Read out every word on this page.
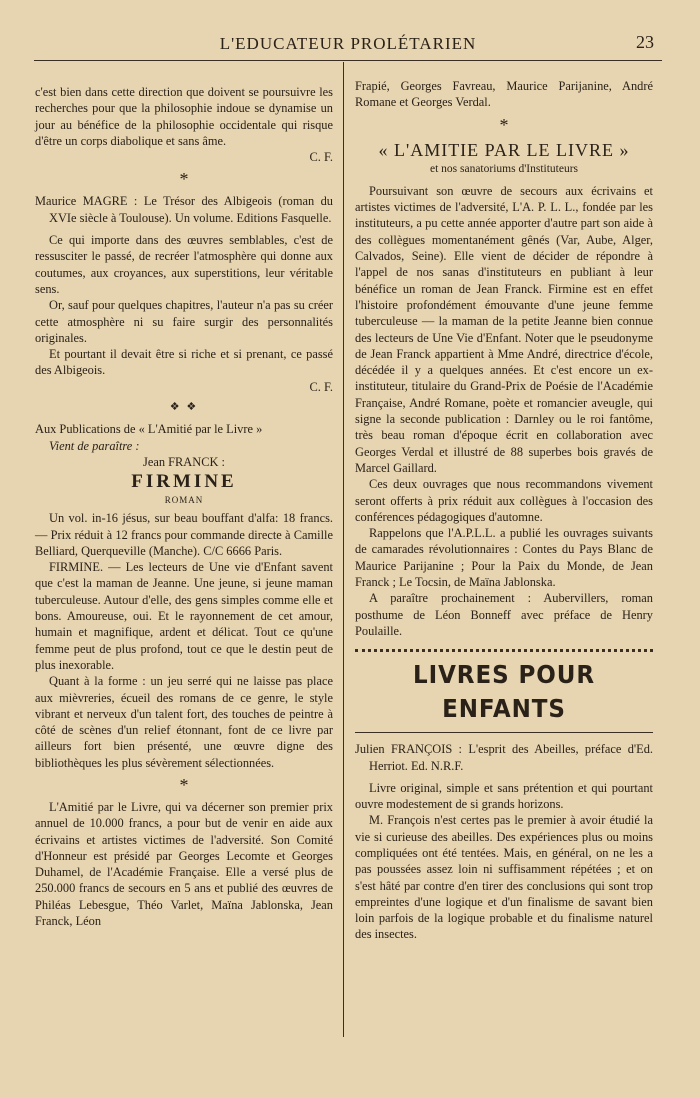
L'EDUCATEUR PROLÉTARIEN	23

c'est bien dans cette direction que doivent se poursuivre les recherches pour que la philosophie indoue se dynamise un jour au bénéfice de la philosophie occidentale qui risque d'être un corps diabolique et sans âme.

C. F.

*

Maurice MAGRE : Le Trésor des Albigeois (roman du XVIe siècle à Toulouse). Un volume. Editions Fasquelle.

Ce qui importe dans des œuvres semblables, c'est de ressusciter le passé, de recréer l'atmosphère qui donne aux coutumes, aux croyances, aux superstitions, leur véritable sens.

Or, sauf pour quelques chapitres, l'auteur n'a pas su créer cette atmosphère ni su faire surgir des personnalités originales.

Et pourtant il devait être si riche et si prenant, ce passé des Albigeois.

C. F.

❖ ❖

Aux Publications de « L'Amitié par le Livre »

Vient de paraître :

Jean FRANCK :

FIRMINE

ROMAN

Un vol. in-16 jésus, sur beau bouffant d'alfa: 18 francs. — Prix réduit à 12 francs pour commande directe à Camille Belliard, Querqueville (Manche). C/C 6666 Paris.

FIRMINE. — Les lecteurs de Une vie d'Enfant savent que c'est la maman de Jeanne. Une jeune, si jeune maman tuberculeuse. Autour d'elle, des gens simples comme elle et bons. Amoureuse, oui. Et le rayonnement de cet amour, humain et magnifique, ardent et délicat. Tout ce qu'une femme peut de plus profond, tout ce que le destin peut de plus inexorable.

Quant à la forme : un jeu serré qui ne laisse pas place aux mièvreries, écueil des romans de ce genre, le style vibrant et nerveux d'un talent fort, des touches de peintre à côté de scènes d'un relief étonnant, font de ce livre par ailleurs fort bien présenté, une œuvre digne des bibliothèques les plus sévèrement sélectionnées.

*

L'Amitié par le Livre, qui va décerner son premier prix annuel de 10.000 francs, a pour but de venir en aide aux écrivains et artistes victimes de l'adversité. Son Comité d'Honneur est présidé par Georges Lecomte et Georges Duhamel, de l'Académie Française. Elle a versé plus de 250.000 francs de secours en 5 ans et publié des œuvres de Philéas Lebesgue, Théo Varlet, Maïna Jablonska, Jean Franck, Léon

Frapié, Georges Favreau, Maurice Parijanine, André Romane et Georges Verdal.

*

« L'AMITIE PAR LE LIVRE »

et nos sanatoriums d'Instituteurs

Poursuivant son œuvre de secours aux écrivains et artistes victimes de l'adversité, L'A. P. L. L., fondée par les instituteurs, a pu cette année apporter d'autre part son aide à des collègues momentanément gênés (Var, Aube, Alger, Calvados, Seine). Elle vient de décider de répondre à l'appel de nos sanas d'instituteurs en publiant à leur bénéfice un roman de Jean Franck. Firmine est en effet l'histoire profondément émouvante d'une jeune femme tuberculeuse — la maman de la petite Jeanne bien connue des lecteurs de Une Vie d'Enfant. Noter que le pseudonyme de Jean Franck appartient à Mme André, directrice d'école, décédée il y a quelques années. Et c'est encore un ex-instituteur, titulaire du Grand-Prix de Poésie de l'Académie Française, André Romane, poète et romancier aveugle, qui signe la seconde publication : Darnley ou le roi fantôme, très beau roman d'époque écrit en collaboration avec Georges Verdal et illustré de 88 superbes bois gravés de Marcel Gaillard.

Ces deux ouvrages que nous recommandons vivement seront offerts à prix réduit aux collègues à l'occasion des conférences pédagogiques d'automne.

Rappelons que l'A.P.L.L. a publié les ouvrages suivants de camarades révolutionnaires : Contes du Pays Blanc de Maurice Parijanine ; Pour la Paix du Monde, de Jean Franck ; Le Tocsin, de Maïna Jablonska.

A paraître prochainement : Aubervillers, roman posthume de Léon Bonneff avec préface de Henry Poulaille.

LIVRES POUR ENFANTS

Julien FRANÇOIS : L'esprit des Abeilles, préface d'Ed. Herriot. Ed. N.R.F.

Livre original, simple et sans prétention et qui pourtant ouvre modestement de si grands horizons.

M. François n'est certes pas le premier à avoir étudié la vie si curieuse des abeilles. Des expériences plus ou moins compliquées ont été tentées. Mais, en général, on ne les a pas poussées assez loin ni suffisamment répétées ; et on s'est hâté par contre d'en tirer des conclusions qui sont trop empreintes d'une logique et d'un finalisme de savant bien loin parfois de la logique probable et du finalisme naturel des insectes.
